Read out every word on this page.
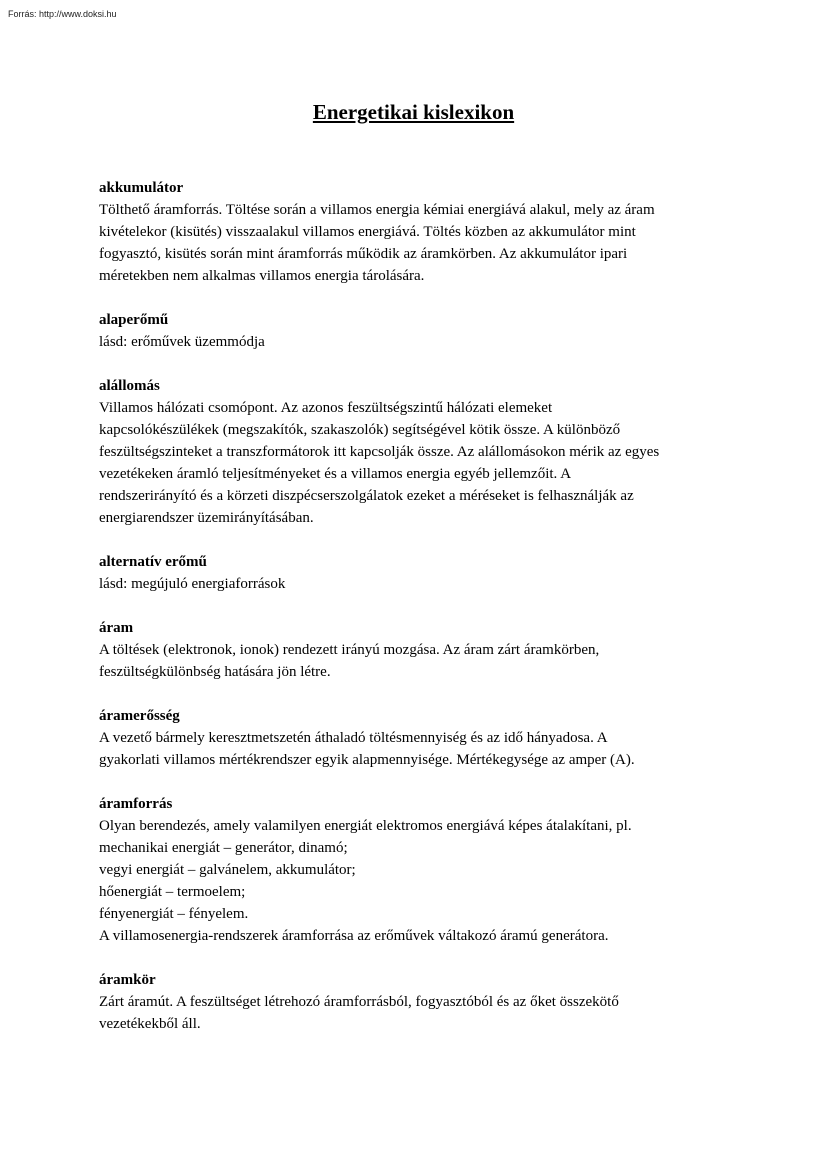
Forrás: http://www.doksi.hu
Energetikai kislexikon

akkumulátor

Tölthető áramforrás. Töltése során a villamos energia kémiai energiává alakul, mely az áram

kivételekor (kisütés) visszaalakul villamos energiává. Töltés közben az akkumulátor mint

fogyasztó, kisütés során mint áramforrás működik az áramkörben. Az akkumulátor ipari

méretekben nem alkalmas villamos energia tárolására.

alaperőmű

lásd: erőművek üzemmódja

alállomás

Villamos hálózati csomópont. Az azonos feszültségszintű hálózati elemeket

kapcsolókészülékek (megszakítók, szakaszolók) segítségével kötik össze. A különböző

feszültségszinteket a transzformátorok itt kapcsolják össze. Az alállomásokon mérik az egyes

vezetékeken áramló teljesítményeket és a villamos energia egyéb jellemzőit. A

rendszerirányító és a körzeti diszpécserszolgálatok ezeket a méréseket is felhasználják az

energiarendszer üzemirányításában.

alternatív erőmű

lásd: megújuló energiaforrások

áram

A töltések (elektronok, ionok) rendezett irányú mozgása. Az áram zárt áramkörben,

feszültségkülönbség hatására jön létre.

áramerősség

A vezető bármely keresztmetszetén áthaladó töltésmennyiség és az idő hányadosa. A

gyakorlati villamos mértékrendszer egyik alapmennyisége. Mértékegysége az amper (A).

áramforrás

Olyan berendezés, amely valamilyen energiát elektromos energiává képes átalakítani, pl.

mechanikai energiát – generátor, dinamó;

vegyi energiát – galvánelem, akkumulátor;

hőenergiát – termoelem;

fényenergiát – fényelem.

A villamosenergia-rendszerek áramforrása az erőművek váltakozó áramú generátora.

áramkör

Zárt áramút. A feszültséget létrehozó áramforrásból, fogyasztóból és az őket összekötő

vezetékekből áll.
